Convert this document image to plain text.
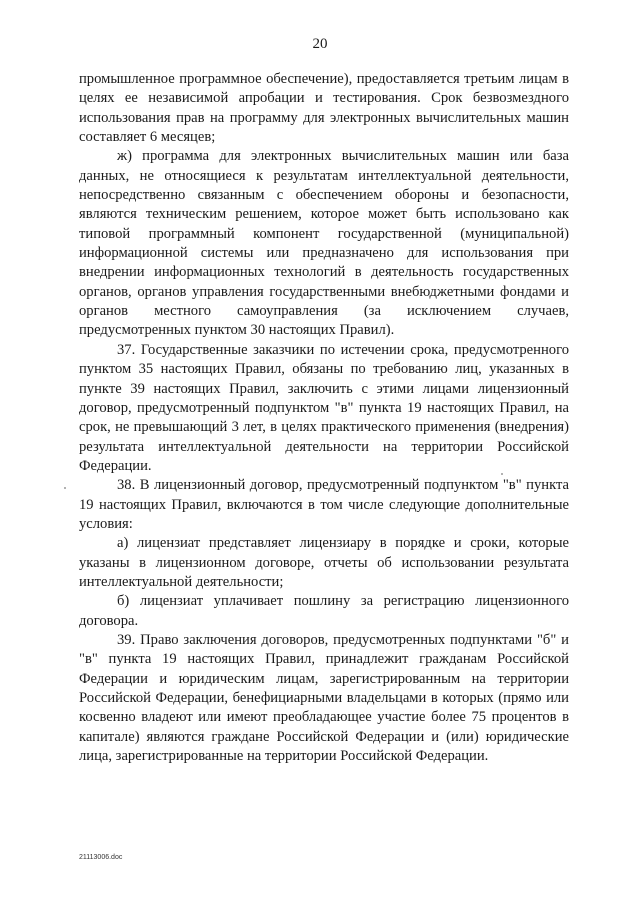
20

промышленное программное обеспечение), предоставляется третьим лицам в целях ее независимой апробации и тестирования. Срок безвозмездного использования прав на программу для электронных вычислительных машин составляет 6 месяцев;

ж) программа для электронных вычислительных машин или база данных, не относящиеся к результатам интеллектуальной деятельности, непосредственно связанным с обеспечением обороны и безопасности, являются техническим решением, которое может быть использовано как типовой программный компонент государственной (муниципальной) информационной системы или предназначено для использования при внедрении информационных технологий в деятельность государственных органов, органов управления государственными внебюджетными фондами и органов местного самоуправления (за исключением случаев, предусмотренных пунктом 30 настоящих Правил).

37. Государственные заказчики по истечении срока, предусмотренного пунктом 35 настоящих Правил, обязаны по требованию лиц, указанных в пункте 39 настоящих Правил, заключить с этими лицами лицензионный договор, предусмотренный подпунктом "в" пункта 19 настоящих Правил, на срок, не превышающий 3 лет, в целях практического применения (внедрения) результата интеллектуальной деятельности на территории Российской Федерации.

38. В лицензионный договор, предусмотренный подпунктом "в" пункта 19 настоящих Правил, включаются в том числе следующие дополнительные условия:

а) лицензиат представляет лицензиару в порядке и сроки, которые указаны в лицензионном договоре, отчеты об использовании результата интеллектуальной деятельности;

б) лицензиат уплачивает пошлину за регистрацию лицензионного договора.

39. Право заключения договоров, предусмотренных подпунктами "б" и "в" пункта 19 настоящих Правил, принадлежит гражданам Российской Федерации и юридическим лицам, зарегистрированным на территории Российской Федерации, бенефициарными владельцами в которых (прямо или косвенно владеют или имеют преобладающее участие более 75 процентов в капитале) являются граждане Российской Федерации и (или) юридические лица, зарегистрированные на территории Российской Федерации.

21113006.doc
